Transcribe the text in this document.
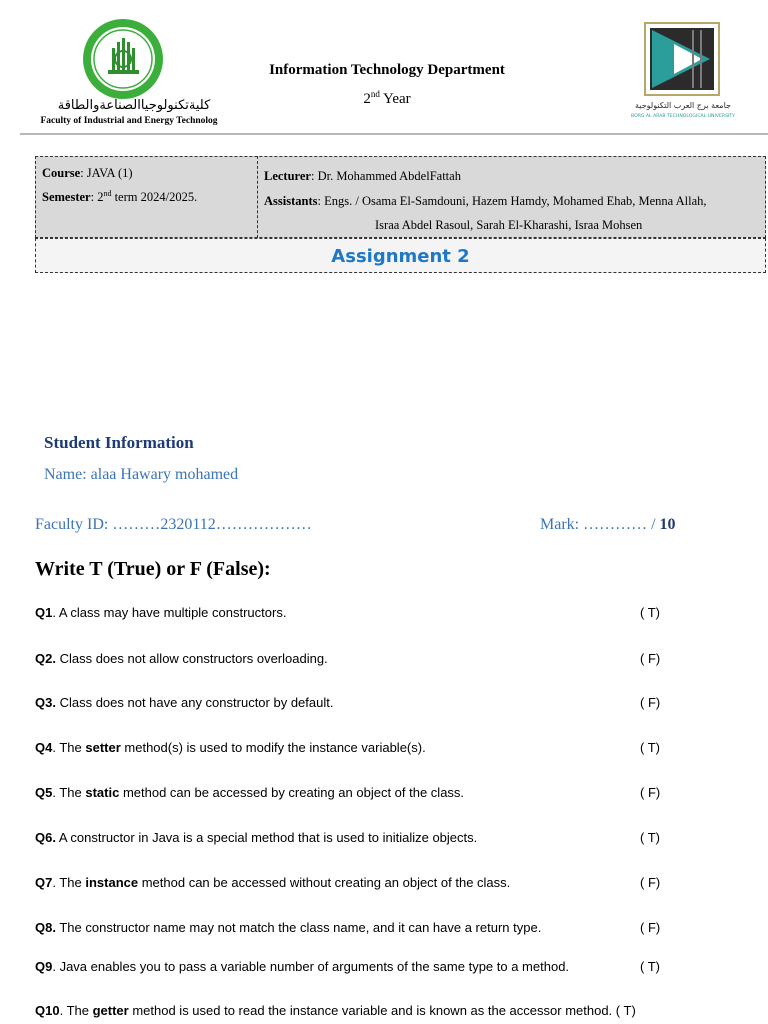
كليةتكنولوجياالصناعةوالطاقة
Faculty of Industrial and Energy Technolog
Information Technology Department
2nd Year	جامعة برج العرب التكنولوجية
BORG AL ARAB TECHNOLOGICAL UNIVERSITY
Course: JAVA (1)
Semester: 2nd term 2024/2025.
Lecturer: Dr. Mohammed AbdelFattah
Assistants: Engs. / Osama El-Samdouni, Hazem Hamdy, Mohamed Ehab, Menna Allah,
Israa Abdel Rasoul, Sarah El-Kharashi, Israa Mohsen
Assignment 2
Student Information
Name: alaa Hawary mohamed
Faculty ID: ………2320112………………	Mark: ………… / 10
Write T (True) or F (False):
Q1. A class may have multiple constructors.	( T)
Q2. Class does not allow constructors overloading.	( F)
Q3. Class does not have any constructor by default.	( F)
Q4. The setter method(s) is used to modify the instance variable(s).	( T)
Q5. The static method can be accessed by creating an object of the class.	( F)
Q6. A constructor in Java is a special method that is used to initialize objects.	( T)
Q7. The instance method can be accessed without creating an object of the class.	( F)
Q8. The constructor name may not match the class name, and it can have a return type.	( F)
Q9. Java enables you to pass a variable number of arguments of the same type to a method.	( T)
Q10. The getter method is used to read the instance variable and is known as the accessor method. ( T)
